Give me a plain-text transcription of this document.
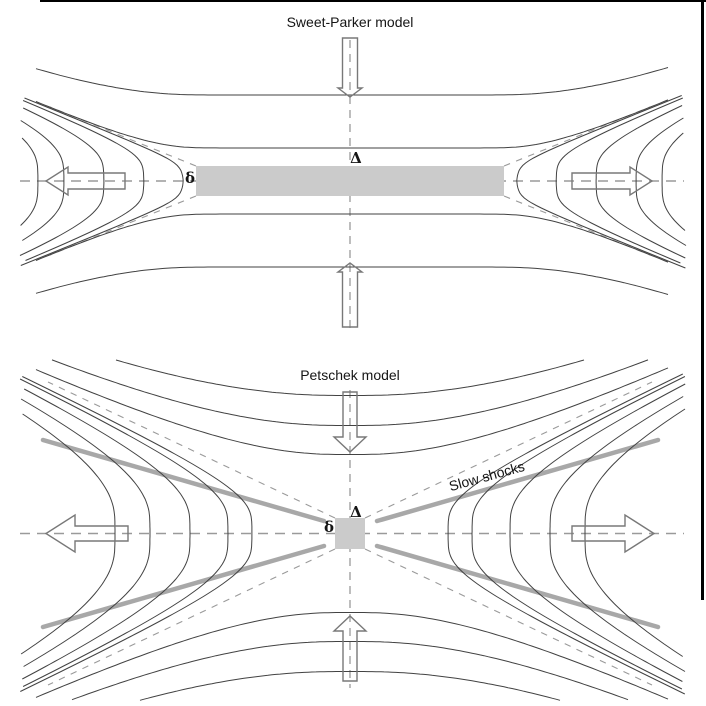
Sweet-Parker model
Δ
δ
Petschek model
Δ
δ
Slow shocks
